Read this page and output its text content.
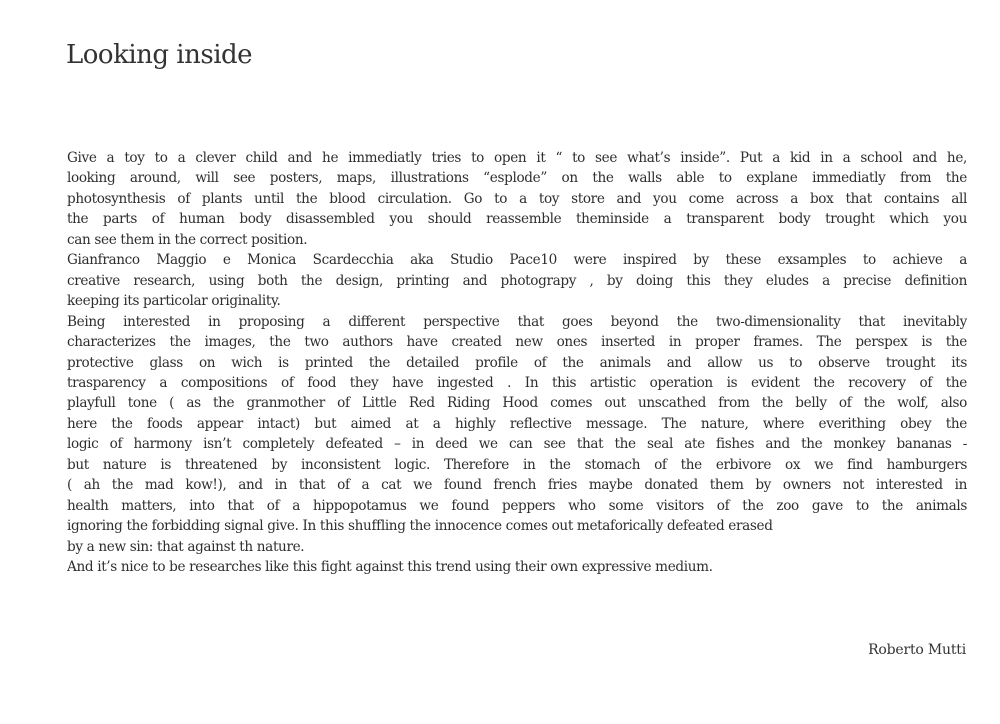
Looking inside
Give a toy to a clever child and he immediatly tries to open it “ to see what’s inside”. Put a kid in a school and he,
looking around, will see posters, maps, illustrations “esplode” on the walls able to explane immediatly from the
photosynthesis of plants until the blood circulation. Go to a toy store and you come across a box that contains all
the parts of human body disassembled you should reassemble theminside a transparent body trought which you
can see them in the correct position.
Gianfranco Maggio e Monica Scardecchia aka Studio Pace10 were inspired by these exsamples to achieve a
creative research, using both the design, printing and photograpy , by doing this they eludes a precise definition
keeping its particolar originality.
Being interested in proposing a different perspective that goes beyond the two-dimensionality that inevitably
characterizes the images, the two authors have created new ones inserted in proper frames. The perspex is the
protective glass on wich is printed the detailed profile of the animals and allow us to observe trought its
trasparency a compositions of food they have ingested . In this artistic operation is evident the recovery of the
playfull tone ( as the granmother of Little Red Riding Hood comes out unscathed from the belly of the wolf, also
here the foods appear intact) but aimed at a highly reflective message. The nature, where everithing obey the
logic of harmony isn’t completely defeated – in deed we can see that the seal ate fishes and the monkey bananas -
but nature is threatened by inconsistent logic. Therefore in the stomach of the erbivore ox we find hamburgers
( ah the mad kow!), and in that of a cat we found french fries maybe donated them by owners not interested in
health matters, into that of a hippopotamus we found peppers who some visitors of the zoo gave to the animals
ignoring the forbidding signal give. In this shuffling the innocence comes out metaforically defeated erased
by a new sin: that against th nature.
And it’s nice to be researches like this fight against this trend using their own expressive medium.
Roberto Mutti
